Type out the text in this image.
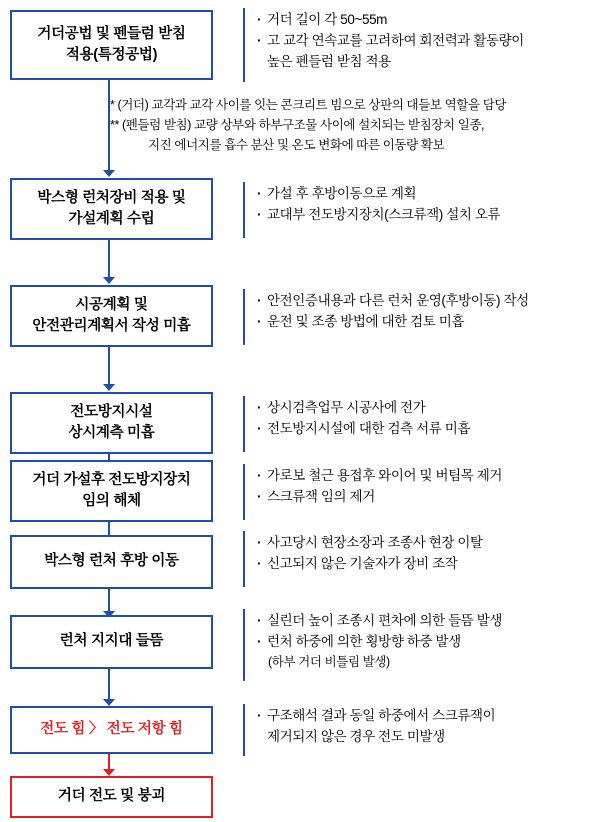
거더공법 및 펜들럼 받침
적용(특정공법)
· 거더 길이 각 50~55m
· 고 교각 연속교를 고려하여 회전력과 활동량이
높은 펜들럼 받침 적용
* (거더) 교각과 교각 사이를 잇는 콘크리트 빔으로 상판의 대들보 역할을 담당
** (펜들럼 받침) 교량 상부와 하부구조물 사이에 설치되는 받침장치 일종,
지진 에너지를 흡수 분산 및 온도 변화에 따른 이동량 확보
박스형 런처장비 적용 및
가설계획 수립
· 가설 후 후방이동으로 계획
· 교대부 전도방지장치(스크류잭) 설치 오류
시공계획 및
안전관리계획서 작성 미흡
· 안전인증내용과 다른 런처 운영(후방이동) 작성
· 운전 및 조종 방법에 대한 검토 미흡
전도방지시설
상시계측 미흡
· 상시검측업무 시공사에 전가
· 전도방지시설에 대한 검측 서류 미흡
거더 가설후 전도방지장치
임의 해체
· 가로보 철근 용접후 와이어 및 버팀목 제거
· 스크류잭 임의 제거
박스형 런처 후방 이동
· 사고당시 현장소장과 조종사 현장 이탈
· 신고되지 않은 기술자가 장비 조작
런처 지지대 들뜸
· 실린더 높이 조종시 편차에 의한 들뜸 발생
· 런처 하중에 의한 횡방향 하중 발생
(하부 거더 비틀림 발생)
전도 힘 〉 전도 저항 힘
· 구조해석 결과 동일 하중에서 스크류잭이
제거되지 않은 경우 전도 미발생
거더 전도 및 붕괴
